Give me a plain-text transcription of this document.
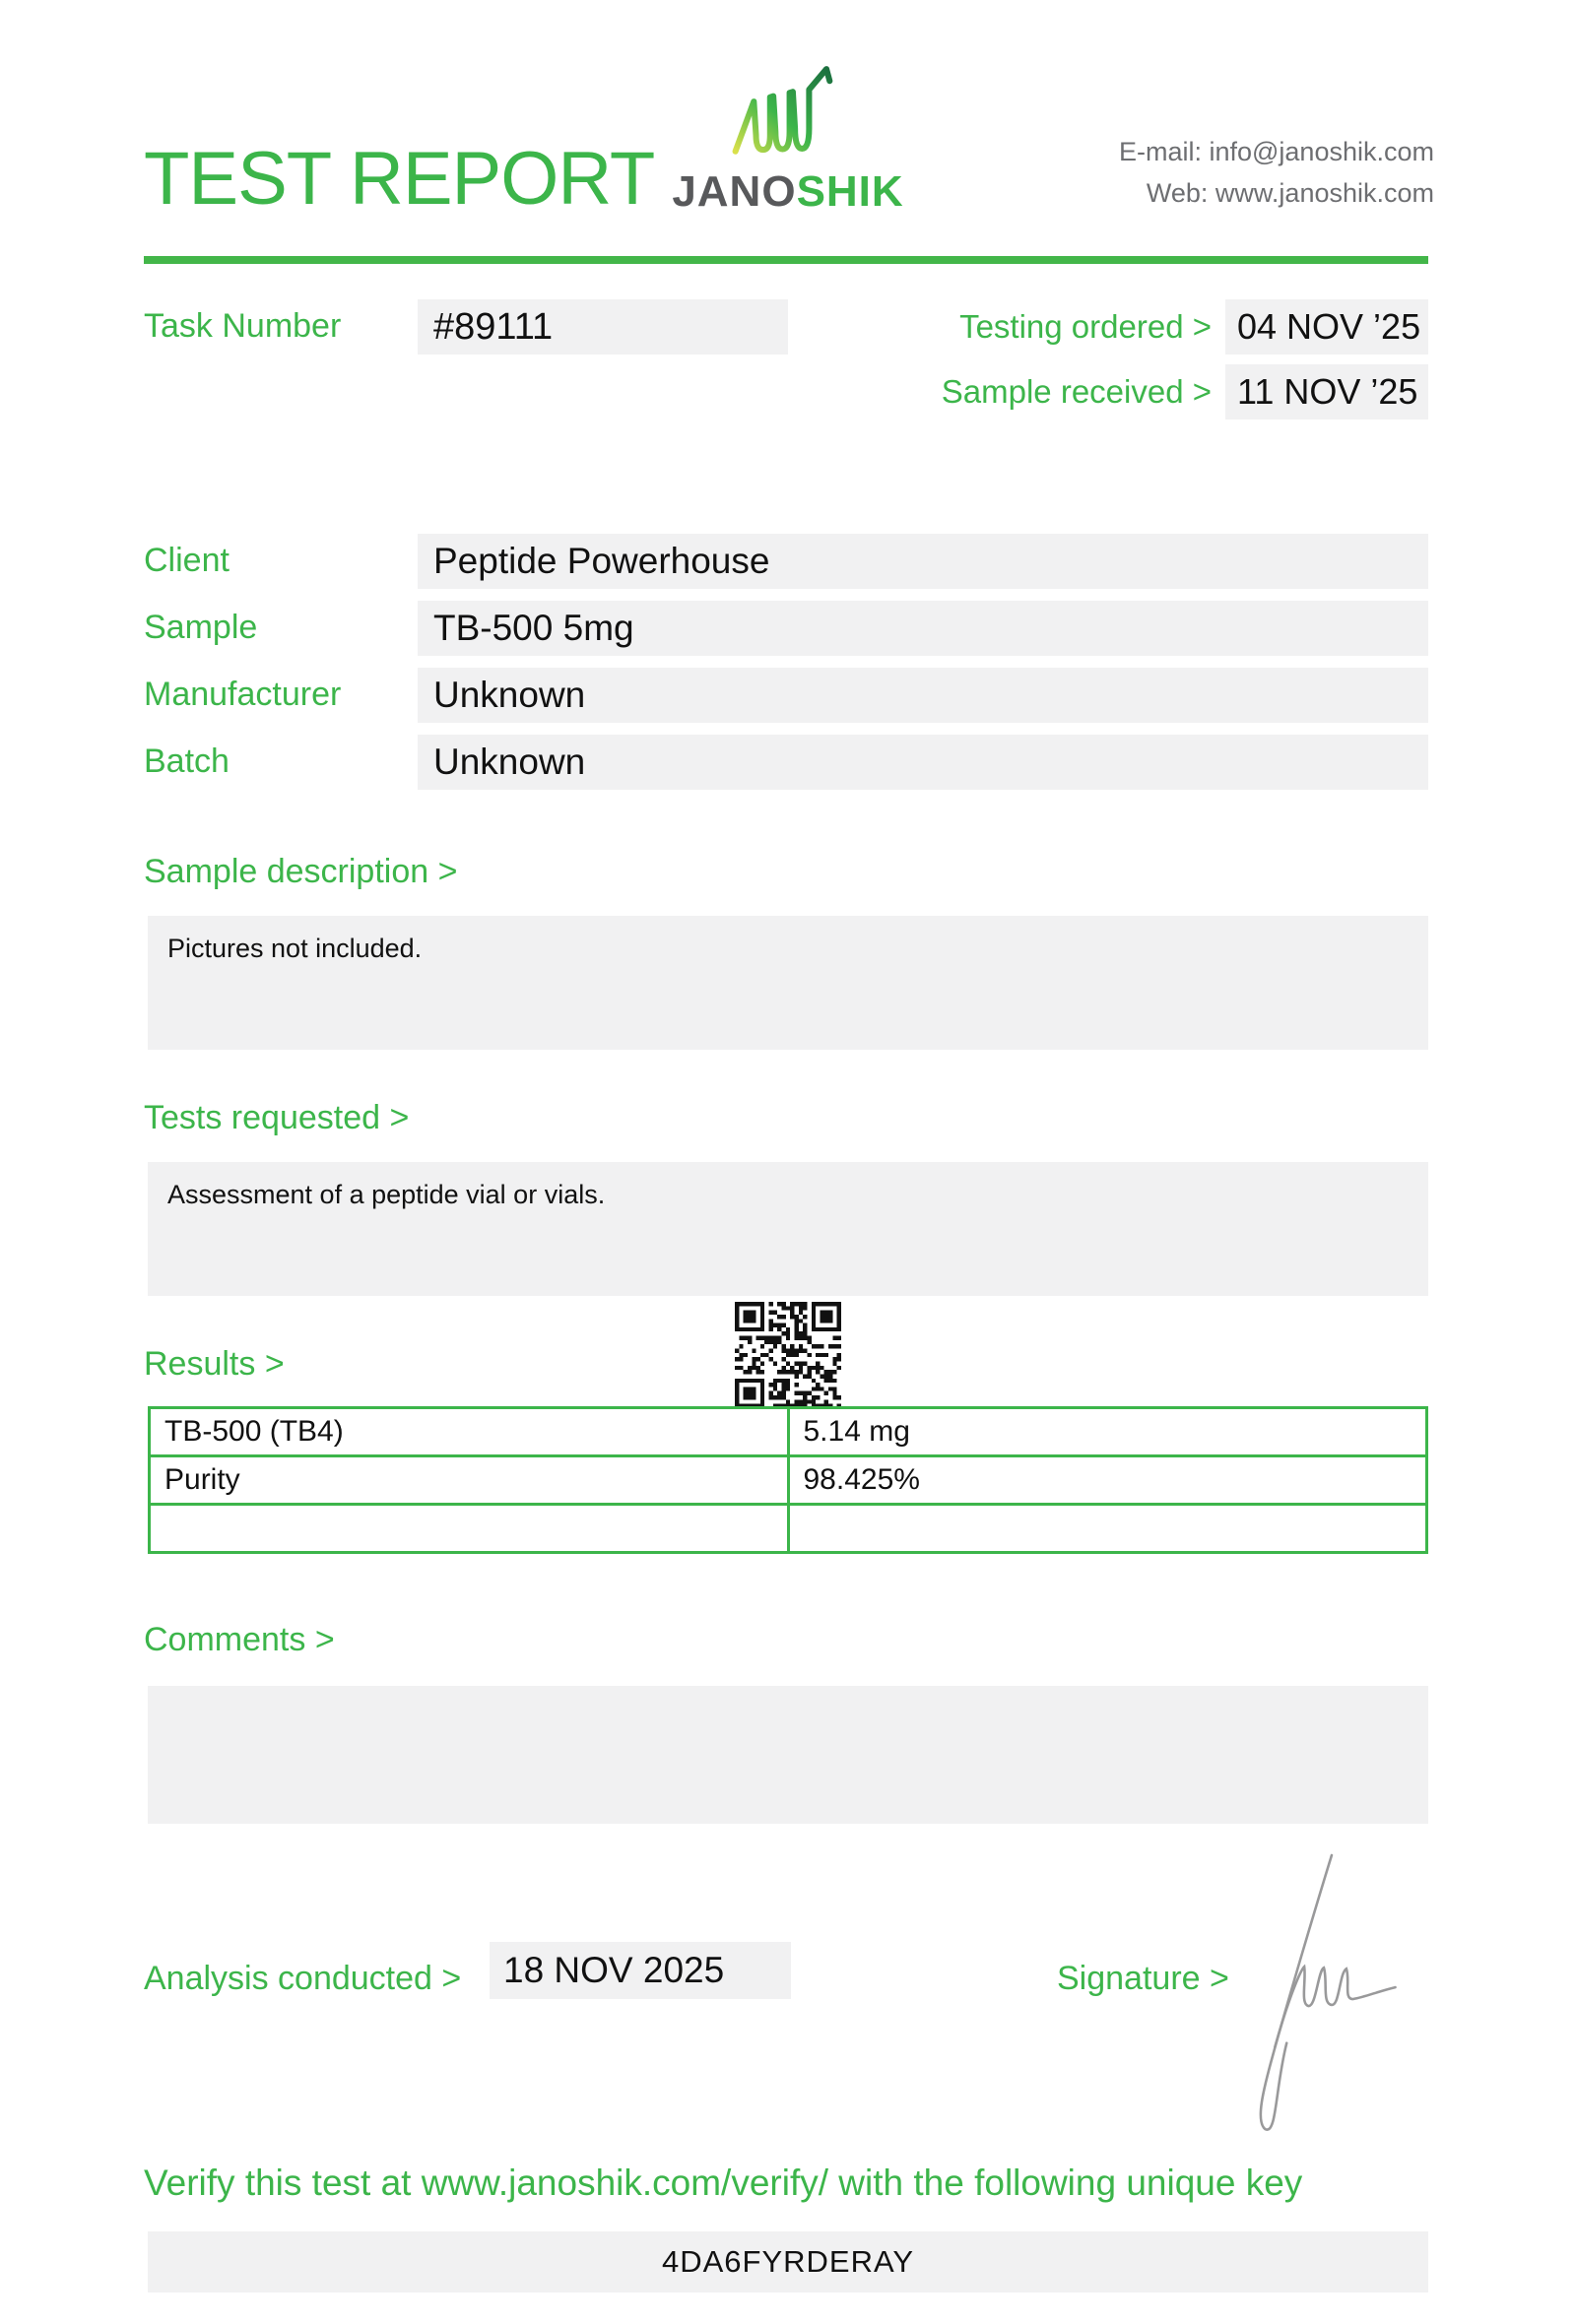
TEST REPORT JANOSHIK
E-mail: info@janoshik.com
Web: www.janoshik.com
Task Number	#89111	Testing ordered > 04 NOV ’25
Sample received > 11 NOV ’25
Client	Peptide Powerhouse
Sample	TB-500 5mg
Manufacturer	Unknown
Batch	Unknown
Sample description >
Pictures not included.
Tests requested >
Assessment of a peptide vial or vials.
Results >
TB-500 (TB4)	5.14 mg
Purity	98.425%

Comments >
Analysis conducted >	18 NOV 2025	Signature >
Verify this test at www.janoshik.com/verify/ with the following unique key
4DA6FYRDERAY
